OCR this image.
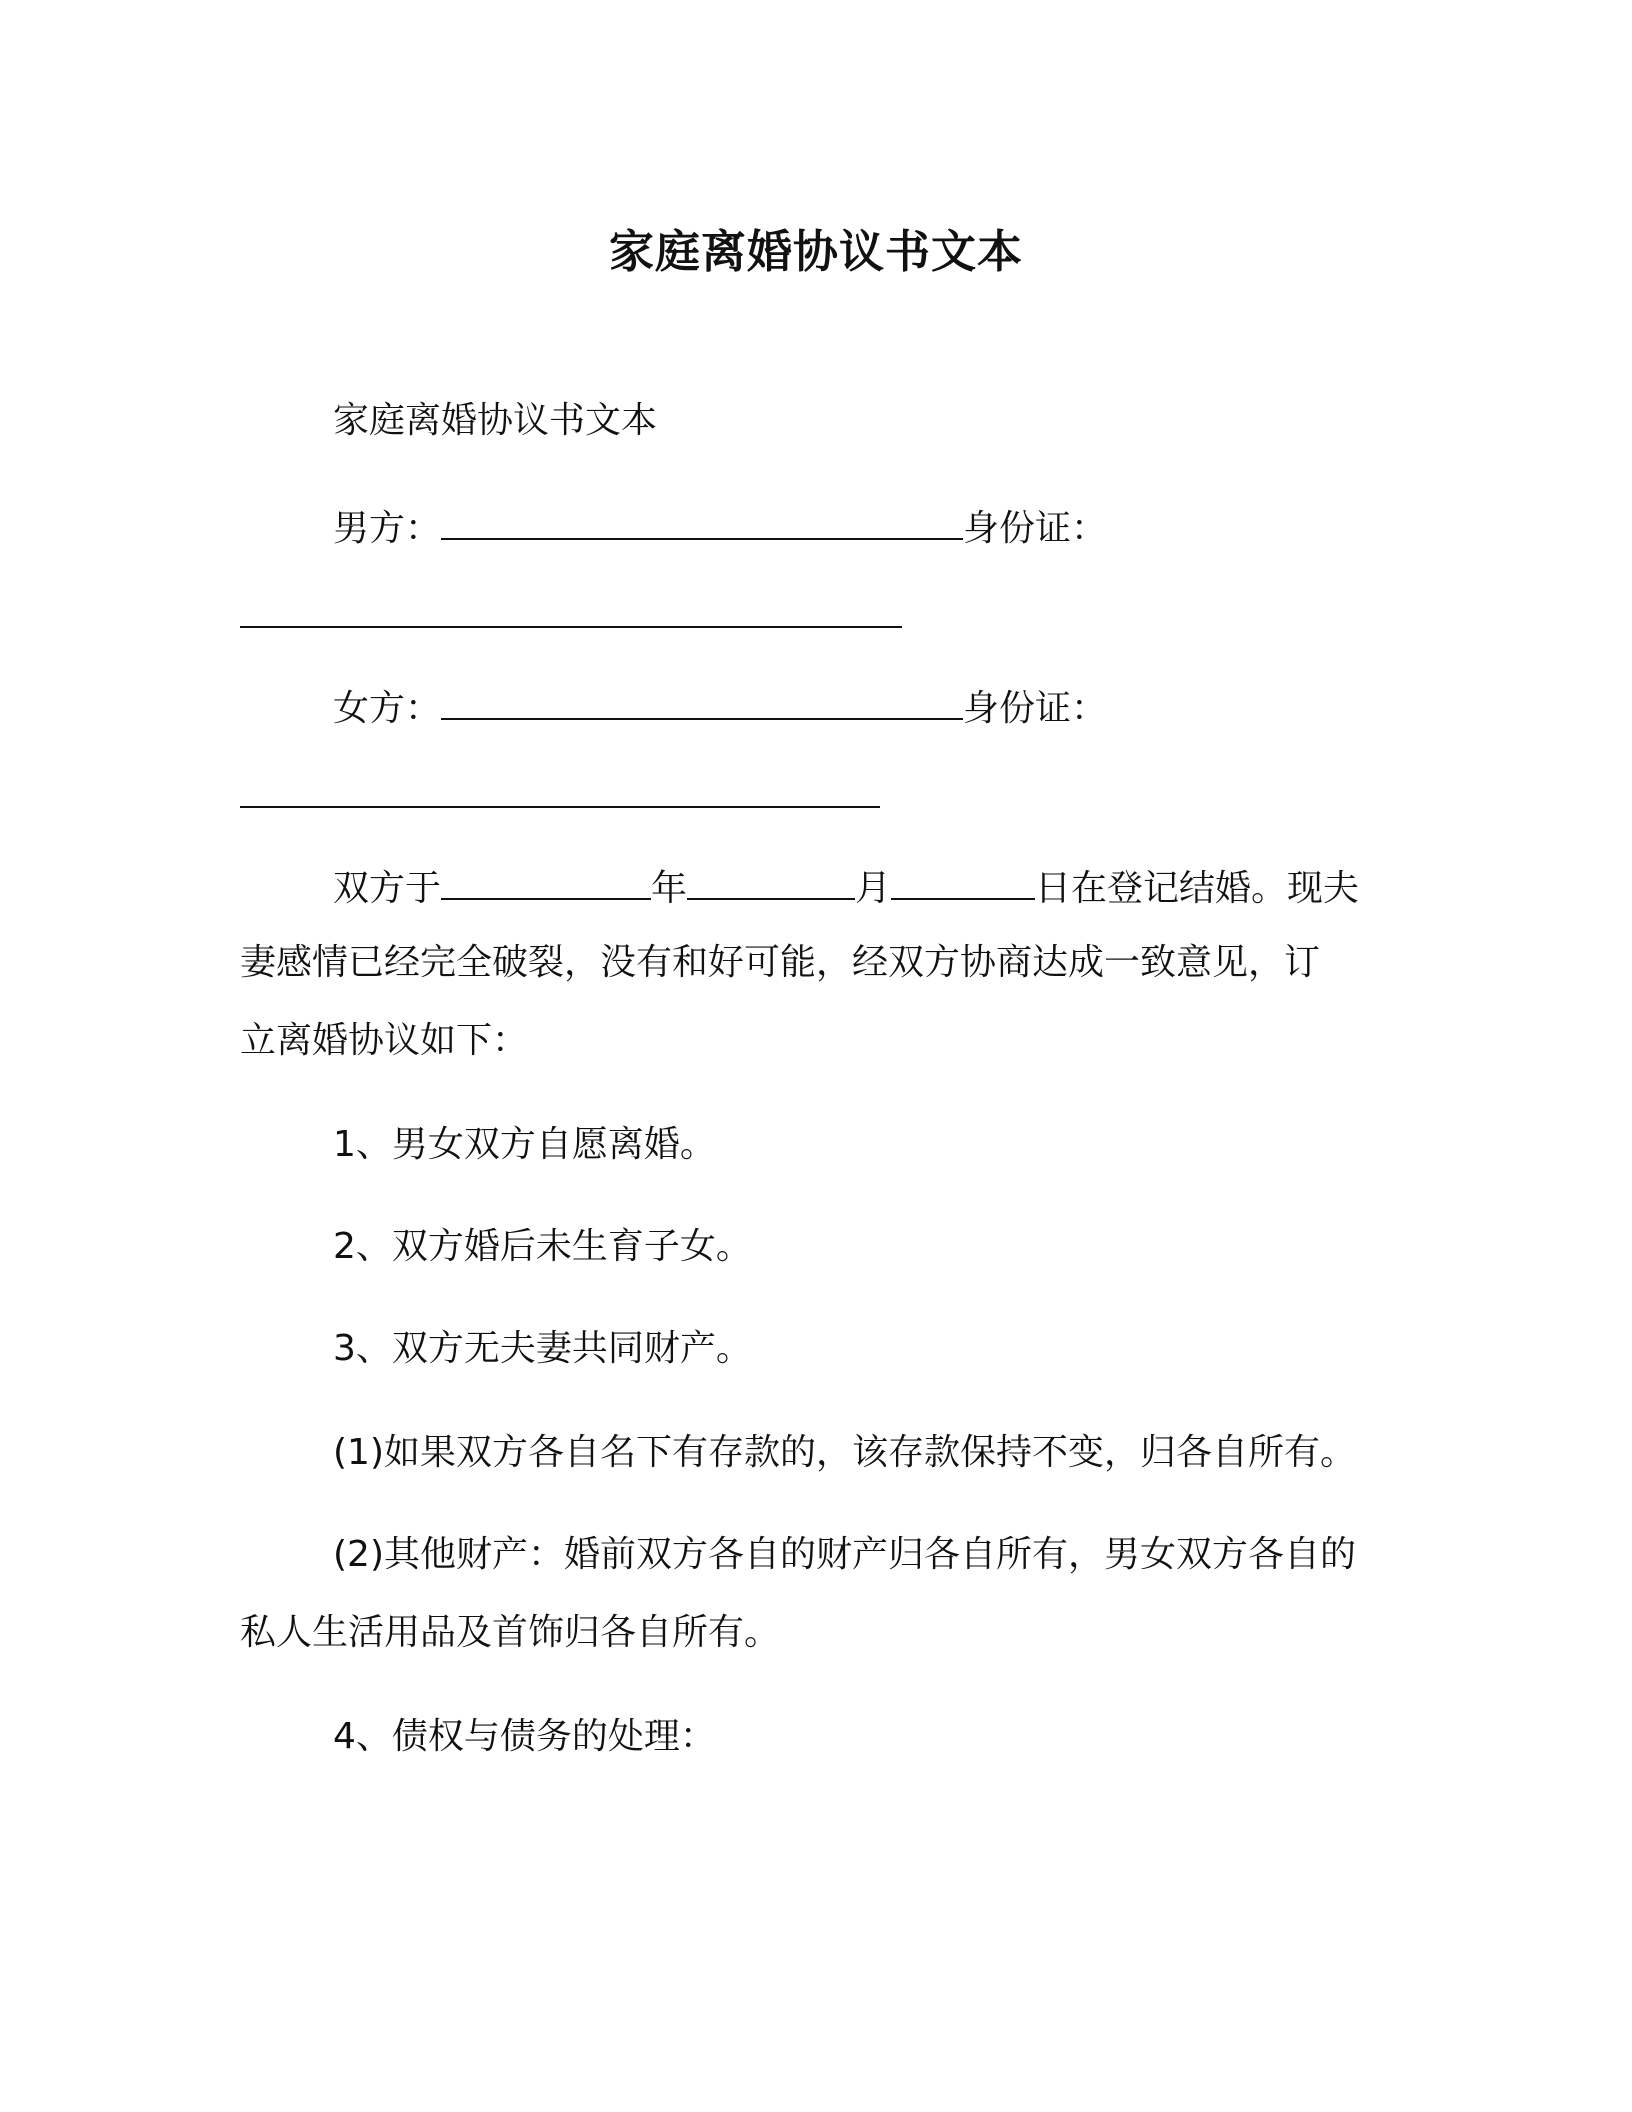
家庭离婚协议书文本
家庭离婚协议书文本
男方：	身份证：
女方：	身份证：
双方于	年	月	日在登记结婚。现夫
妻感情已经完全破裂，没有和好可能，经双方协商达成一致意见，订
立离婚协议如下：
1、男女双方自愿离婚。
2、双方婚后未生育子女。
3、双方无夫妻共同财产。
(1)如果双方各自名下有存款的，该存款保持不变，归各自所有。
(2)其他财产：婚前双方各自的财产归各自所有，男女双方各自的
私人生活用品及首饰归各自所有。
4、债权与债务的处理：
